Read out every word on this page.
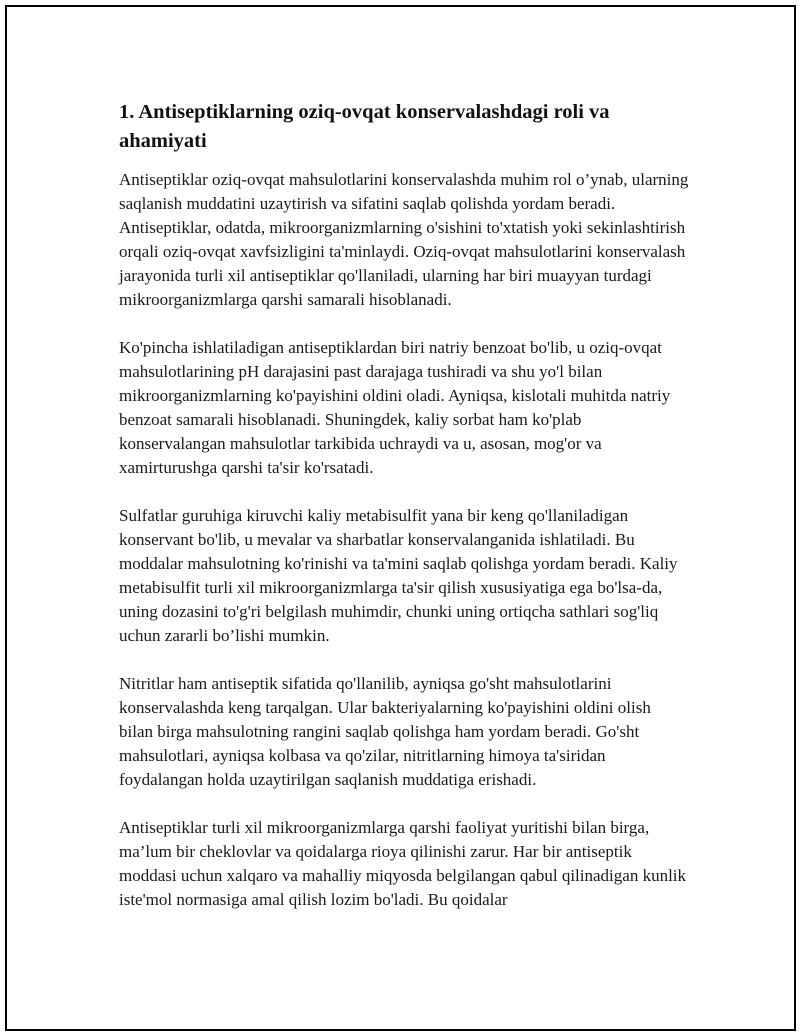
1. Antiseptiklarning oziq-ovqat konservalashdagi roli va ahamiyati

Antiseptiklar oziq-ovqat mahsulotlarini konservalashda muhim rol o’ynab, ularning saqlanish muddatini uzaytirish va sifatini saqlab qolishda yordam beradi. Antiseptiklar, odatda, mikroorganizmlarning o'sishini to'xtatish yoki sekinlashtirish orqali oziq-ovqat xavfsizligini ta'minlaydi. Oziq-ovqat mahsulotlarini konservalash jarayonida turli xil antiseptiklar qo'llaniladi, ularning har biri muayyan turdagi mikroorganizmlarga qarshi samarali hisoblanadi.

Ko'pincha ishlatiladigan antiseptiklardan biri natriy benzoat bo'lib, u oziq-ovqat mahsulotlarining pH darajasini past darajaga tushiradi va shu yo'l bilan mikroorganizmlarning ko'payishini oldini oladi. Ayniqsa, kislotali muhitda natriy benzoat samarali hisoblanadi. Shuningdek, kaliy sorbat ham ko'plab konservalangan mahsulotlar tarkibida uchraydi va u, asosan, mog'or va xamirturushga qarshi ta'sir ko'rsatadi.

Sulfatlar guruhiga kiruvchi kaliy metabisulfit yana bir keng qo'llaniladigan konservant bo'lib, u mevalar va sharbatlar konservalanganida ishlatiladi. Bu moddalar mahsulotning ko'rinishi va ta'mini saqlab qolishga yordam beradi. Kaliy metabisulfit turli xil mikroorganizmlarga ta'sir qilish xususiyatiga ega bo'lsa-da, uning dozasini to'g'ri belgilash muhimdir, chunki uning ortiqcha sathlari sog'liq uchun zararli bo’lishi mumkin.

Nitritlar ham antiseptik sifatida qo'llanilib, ayniqsa go'sht mahsulotlarini konservalashda keng tarqalgan. Ular bakteriyalarning ko'payishini oldini olish bilan birga mahsulotning rangini saqlab qolishga ham yordam beradi. Go'sht mahsulotlari, ayniqsa kolbasa va qo'zilar, nitritlarning himoya ta'siridan foydalangan holda uzaytirilgan saqlanish muddatiga erishadi.

Antiseptiklar turli xil mikroorganizmlarga qarshi faoliyat yuritishi bilan birga, ma’lum bir cheklovlar va qoidalarga rioya qilinishi zarur. Har bir antiseptik moddasi uchun xalqaro va mahalliy miqyosda belgilangan qabul qilinadigan kunlik iste'mol normasiga amal qilish lozim bo'ladi. Bu qoidalar
